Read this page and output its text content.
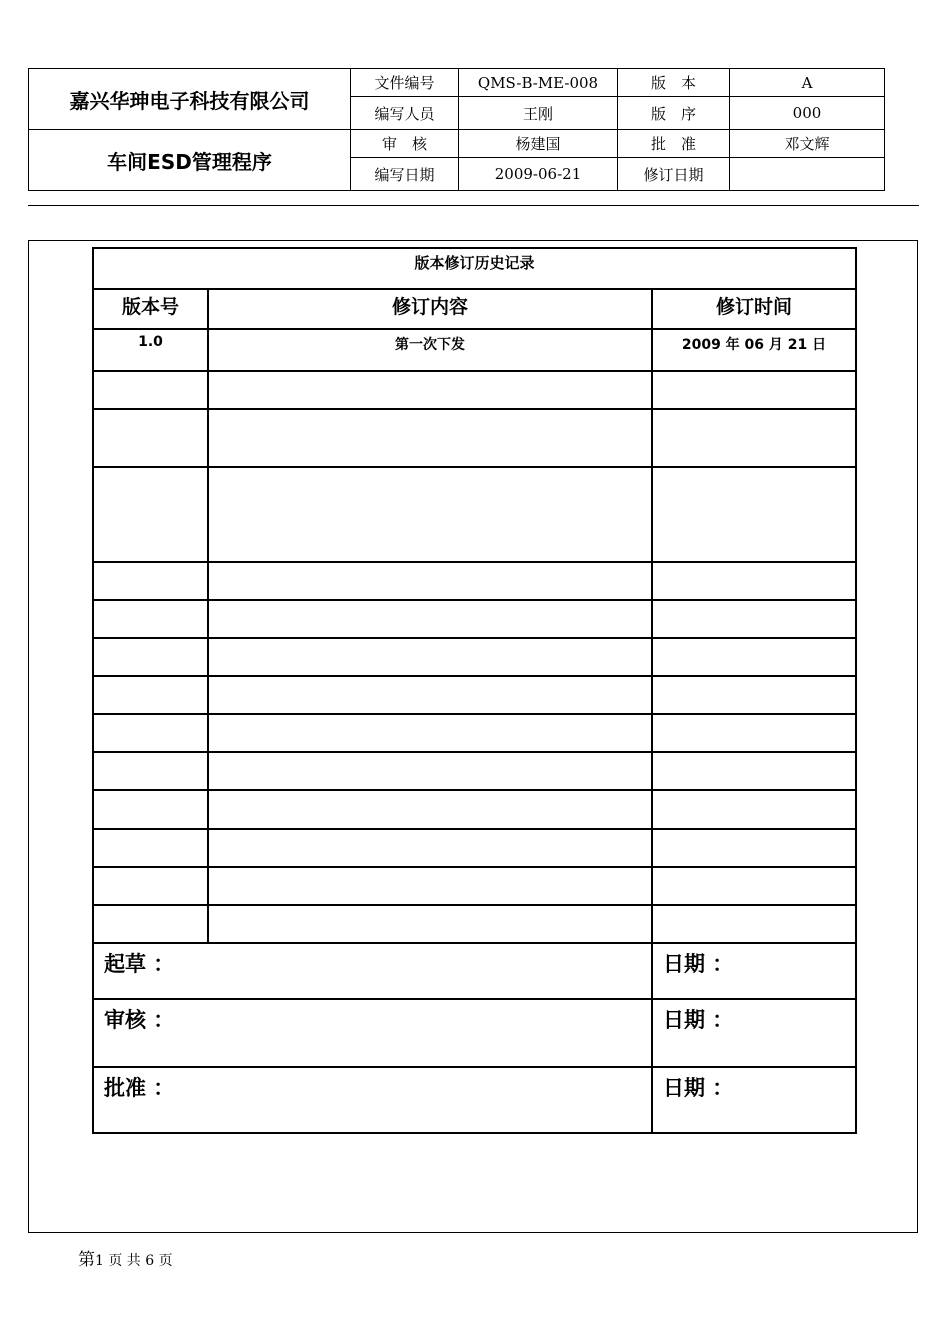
嘉兴华珅电子科技有限公司	文件编号	QMS-B-ME-008	版　本	A
	编写人员	王刚	版　序	000
车间ESD管理程序	审　核	杨建国	批　准	邓文辉
	编写日期	2009-06-21	修订日期	
版本修订历史记录		
版本号	修订内容	修订时间
1.0	第一次下发	2009 年 06 月 21 日

起草 ：		日期 ：
审核 ：		日期 ：
批准 ：		日期 ：
第1 页 共 6 页
